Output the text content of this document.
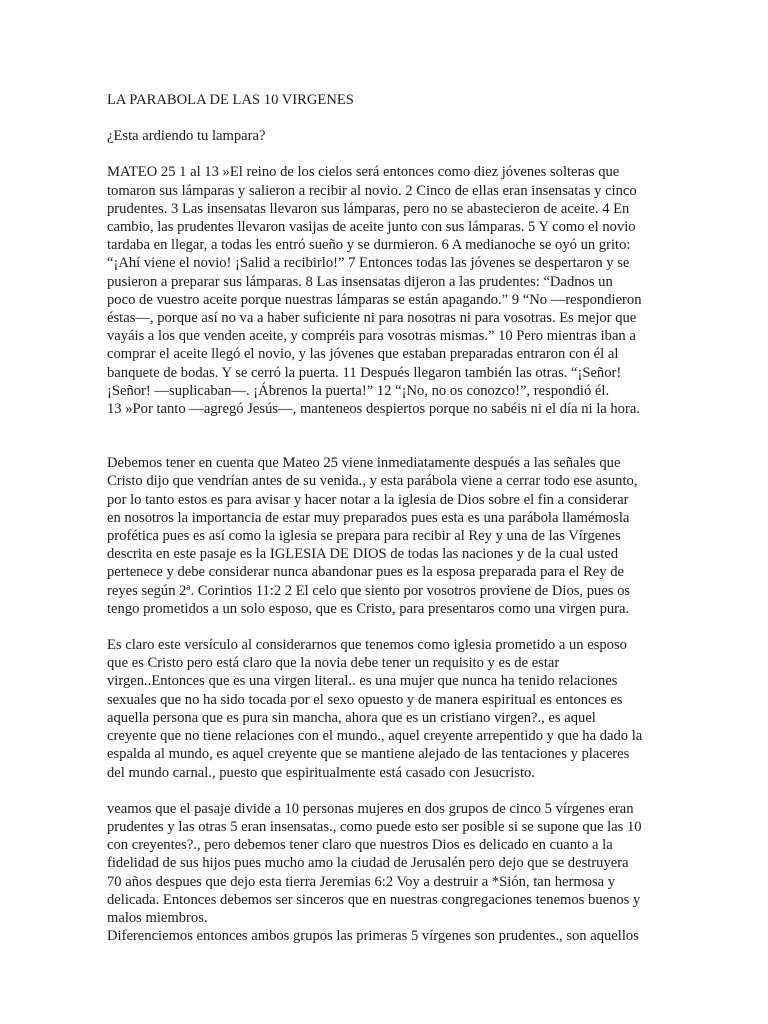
LA PARABOLA DE LAS 10 VIRGENES

¿Esta ardiendo tu lampara?

MATEO 25 1 al 13 »El reino de los cielos será entonces como diez jóvenes solteras que
tomaron sus lámparas y salieron a recibir al novio. 2 Cinco de ellas eran insensatas y cinco
prudentes. 3 Las insensatas llevaron sus lámparas, pero no se abastecieron de aceite. 4 En
cambio, las prudentes llevaron vasijas de aceite junto con sus lámparas. 5 Y como el novio
tardaba en llegar, a todas les entró sueño y se durmieron. 6 A medianoche se oyó un grito:
“¡Ahí viene el novio! ¡Salid a recibirlo!” 7 Entonces todas las jóvenes se despertaron y se
pusieron a preparar sus lámparas. 8 Las insensatas dijeron a las prudentes: “Dadnos un
poco de vuestro aceite porque nuestras lámparas se están apagando.” 9 “No —respondieron
éstas—, porque así no va a haber suficiente ni para nosotras ni para vosotras. Es mejor que
vayáis a los que venden aceite, y compréis para vosotras mismas.” 10 Pero mientras iban a
comprar el aceite llegó el novio, y las jóvenes que estaban preparadas entraron con él al
banquete de bodas. Y se cerró la puerta. 11 Después llegaron también las otras. “¡Señor!
¡Señor! —suplicaban—. ¡Ábrenos la puerta!” 12 “¡No, no os conozco!”, respondió él.
13 »Por tanto —agregó Jesús—, manteneos despiertos porque no sabéis ni el día ni la hora.

Debemos tener en cuenta que Mateo 25 viene inmediatamente después a las señales que
Cristo dijo que vendrían antes de su venida., y esta parábola viene a cerrar todo ese asunto,
por lo tanto estos es para avisar y hacer notar a la iglesia de Dios sobre el fin a considerar
en nosotros la importancia de estar muy preparados pues esta es una parábola llamémosla
profética pues es así como la iglesia se prepara para recibir al Rey y una de las Vírgenes
descrita en este pasaje es la IGLESIA DE DIOS de todas las naciones y de la cual usted
pertenece y debe considerar nunca abandonar pues es la esposa preparada para el Rey de
reyes según 2ª. Corintios 11:2 2 El celo que siento por vosotros proviene de Dios, pues os
tengo prometidos a un solo esposo, que es Cristo, para presentaros como una virgen pura.

Es claro este versículo al considerarnos que tenemos como iglesia prometido a un esposo
que es Cristo pero está claro que la novia debe tener un requisito y es de estar
virgen..Entonces que es una virgen literal.. es una mujer que nunca ha tenido relaciones
sexuales que no ha sido tocada por el sexo opuesto y de manera espiritual es entonces es
aquella persona que es pura sin mancha, ahora que es un cristiano virgen?., es aquel
creyente que no tiene relaciones con el mundo., aquel creyente arrepentido y que ha dado la
espalda al mundo, es aquel creyente que se mantiene alejado de las tentaciones y placeres
del mundo carnal., puesto que espiritualmente está casado con Jesucristo.

veamos que el pasaje divide a 10 personas mujeres en dos grupos de cinco 5 vírgenes eran
prudentes y las otras 5 eran insensatas., como puede esto ser posible si se supone que las 10
con creyentes?., pero debemos tener claro que nuestros Dios es delicado en cuanto a la
fidelidad de sus hijos pues mucho amo la ciudad de Jerusalén pero dejo que se destruyera
70 años despues que dejo esta tierra Jeremias 6:2 Voy a destruir a *Sión, tan hermosa y
delicada. Entonces debemos ser sinceros que en nuestras congregaciones tenemos buenos y
malos miembros.
Diferenciemos entonces ambos grupos las primeras 5 vírgenes son prudentes., son aquellos
